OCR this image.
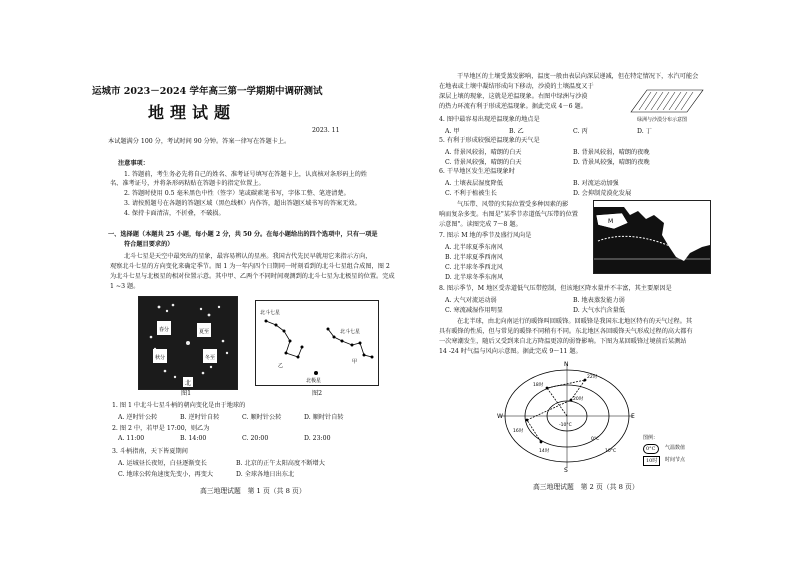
运城市 2023－2024 学年高三第一学期期中调研测试
地理试题
2023. 11
本试题满分 100 分，考试时间 90 分钟。答案一律写在答题卡上。
注意事项：
1. 答题前，考生务必先将自己的姓名、准考证号填写在答题卡上，认真核对条形码上的姓
名、准考证号，并将条形码粘贴在答题卡的指定位置上。
2. 答题时使用 0.5 毫米黑色中性（签字）笔或碳素笔书写，字体工整、笔迹清楚。
3. 请按照题号在各题的答题区域（黑色线框）内作答，超出答题区域书写的答案无效。
4. 保持卡面清洁，不折叠，不破损。
一、选择题（本题共 25 小题，每小题 2 分，共 50 分。在每小题给出的四个选项中，只有一项是
符合题目要求的）
北斗七星是天空中最突出的星象，最容易辨认的星座。我国古代先民早就用它来指示方向，
观察北斗七星的方向变化来确定季节。图 1 为一年内四个日期同一时刻看到的北斗七星组合成图，图 2
为北斗七星与北极星的相对位置示意。其中甲、乙两个不同时间观测到的北斗七星为北极星的位置。完成
1 ~3 题。
春分	夏至
秋分	冬至
北
图1
北斗七星
北斗七星
乙
甲
北极星
图2
1. 图 1 中北斗七星斗柄的朝向变化是由于地球的
A. 逆时针公转	B. 逆时针自转	C. 顺时针公转	D. 顺时针自转
2. 图 2 中，若甲是 17:00，则乙为
A. 11:00	B. 14:00	C. 20:00	D. 23:00
3. 斗柄指南，天下皆夏期间
A. 运城昼长夜短，白昼逐渐变长	B. 北京的正午太阳高度不断增大
C. 地球公转角速度先变小，再变大	D. 全球各地日出东北
高三地理试题　第 1 页（共 8 页）
干旱地区的土壤受蒸发影响，温度一般由表层向深层递减，但在特定情况下，水汽可能会
在地表或土壤中凝结形成向下移动，沙漠的土壤温度又于
深层上壤的现象，这就是逆温现象。右图中绿洲与沙漠
的热力环流有利于形成逆温现象。据此完成 4－6 题。
绿洲与沙漠分布示意图
4. 图中最容易出现逆温现象的地点是
A. 甲	B. 乙	C. 丙	D. 丁
5. 有利于形成较强逆温现象的天气是
A. 背景风较弱，晴朗的白天	B. 背景风较弱，晴朗的夜晚
C. 背景风较强，晴朗的白天	D. 背景风较强，晴朗的夜晚
6. 干旱地区发生逆温现象时
A. 土壤表层湿度降低	B. 对流运动加强
C. 不利于植被生长	D. 会抑制荒漠化发展
气压带、风带的实际位置受多种因素的影
响而复杂多变。右图是"某季节赤道低气压带的位置
示意图"。读图完成 7～8 题。	M
赤道
7. 图示 M 地的季节及盛行风向是
A. 北半球夏季东南风
B. 北半球夏季西南风
C. 北半球冬季西北风
D. 北半球冬季东南风
8. 图示季节，M 地区受赤道低气压带控制，但该地区降水量并不丰富，其主要原因是
A. 大气对流运动弱	B. 地表蒸发能力弱
C. 寒流减湿作用明显	D. 大气水汽含量低
在北半球，由北向南运行的暖锋叫回暖锋。回暖锋是我国东北地区特有的天气过程。其
具有暖锋的性质，但与常见的暖锋不同稍有不同。东北地区各回暖锋天气形成过程的高大都有
一次寒潮发生，随后又受到来自北方降温更凉的弱脊影响。下图为某回暖锋过境前后某测站
14 -24 时气温与风向示意图。据此完成 9～11 题。
N
S
E
W
-10°C
0°C
10°C
18时
22时
20时
16时
14时
图例：
0°C	气温数值
10时	时间节点
高三地理试题　第 2 页（共 8 页）
